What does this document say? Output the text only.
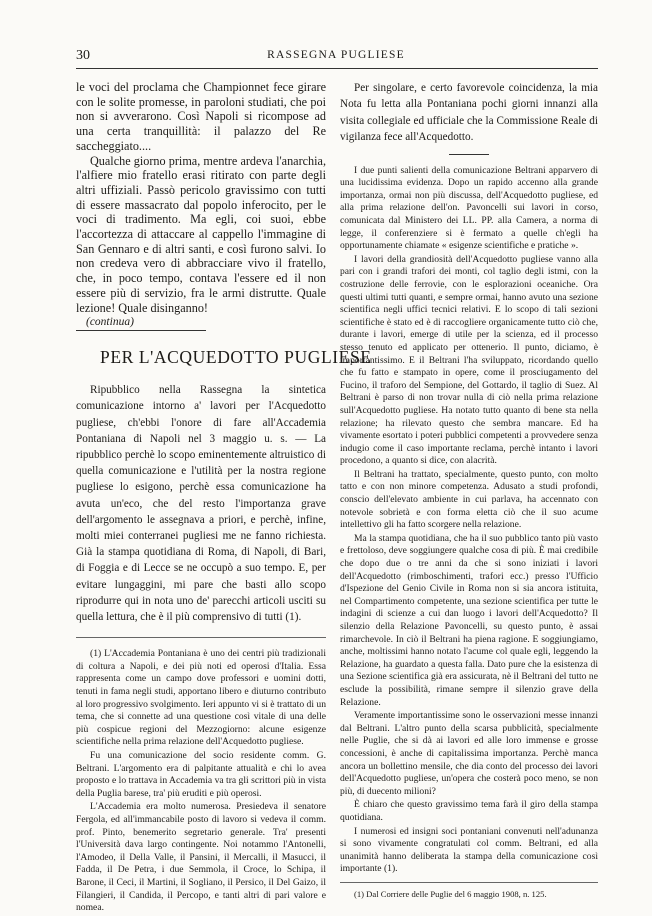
30	RASSEGNA PUGLIESE

le voci del proclama che Championnet fece girare con le solite promesse, in paroloni studiati, che poi non si avverarono. Così Napoli si ricompose ad una certa tranquillità: il palazzo del Re saccheggiato....

Qualche giorno prima, mentre ardeva l'anarchia, l'alfiere mio fratello erasi ritirato con parte degli altri uffiziali. Passò pericolo gravissimo con tutti di essere massacrato dal popolo inferocito, per le voci di tradimento. Ma egli, coi suoi, ebbe l'accortezza di attaccare al cappello l'immagine di San Gennaro e di altri santi, e così furono salvi. Io non credeva vero di abbracciare vivo il fratello, che, in poco tempo, contava l'essere ed il non essere più di servizio, fra le armi distrutte. Quale lezione! Quale disinganno!

(continua)

PER L'ACQUEDOTTO PUGLIESE

Ripubblico nella Rassegna la sintetica comunicazione intorno a' lavori per l'Acquedotto pugliese, ch'ebbi l'onore di fare all'Accademia Pontaniana di Napoli nel 3 maggio u. s. — La ripubblico perchè lo scopo eminentemente altruistico di quella comunicazione e l'utilità per la nostra regione pugliese lo esigono, perchè essa comunicazione ha avuta un'eco, che del resto l'importanza grave dell'argomento le assegnava a priori, e perchè, infine, molti miei conterranei pugliesi me ne fanno richiesta. Già la stampa quotidiana di Roma, di Napoli, di Bari, di Foggia e di Lecce se ne occupò a suo tempo. E, per evitare lungaggini, mi pare che basti allo scopo riprodurre qui in nota uno de' parecchi articoli usciti su quella lettura, che è il più comprensivo di tutti (1).

(1) L'Accademia Pontaniana è uno dei centri più tradizionali di coltura a Napoli, e dei più noti ed operosi d'Italia. Essa rappresenta come un campo dove professori e uomini dotti, tenuti in fama negli studi, apportano libero e diuturno contributo al loro progressivo svolgimento. Ieri appunto vi si è trattato di un tema, che si connette ad una questione così vitale di una delle più cospicue regioni del Mezzogiorno: alcune esigenze scientifiche nella prima relazione dell'Acquedotto pugliese.

Fu una comunicazione del socio residente comm. G. Beltrani. L'argomento era di palpitante attualità e chi lo avea proposto e lo trattava in Accademia va tra gli scrittori più in vista della Puglia barese, tra' più eruditi e più operosi.

L'Accademia era molto numerosa. Presiedeva il senatore Fergola, ed all'immancabile posto di lavoro si vedeva il comm. prof. Pinto, benemerito segretario generale. Tra' presenti l'Università dava largo contingente. Noi notammo l'Antonelli, l'Amodeo, il Della Valle, il Pansini, il Mercalli, il Masucci, il Fadda, il De Petra, i due Semmola, il Croce, lo Schipa, il Barone, il Ceci, il Martini, il Sogliano, il Persico, il Del Gaizo, il Filangieri, il Candida, il Percopo, e tanti altri di pari valore e nomea.

Per singolare, e certo favorevole coincidenza, la mia Nota fu letta alla Pontaniana pochi giorni innanzi alla visita collegiale ed ufficiale che la Commissione Reale di vigilanza fece all'Acquedotto.

I due punti salienti della comunicazione Beltrani apparvero di una lucidissima evidenza. Dopo un rapido accenno alla grande importanza, ormai non più discussa, dell'Acquedotto pugliese, ed alla prima relazione dell'on. Pavoncelli sui lavori in corso, comunicata dal Ministero dei LL. PP. alla Camera, a norma di legge, il conferenziere si è fermato a quelle ch'egli ha opportunamente chiamate « esigenze scientifiche e pratiche ».

I lavori della grandiosità dell'Acquedotto pugliese vanno alla pari con i grandi trafori dei monti, col taglio degli istmi, con la costruzione delle ferrovie, con le esplorazioni oceaniche. Ora questi ultimi tutti quanti, e sempre ormai, hanno avuto una sezione scientifica negli uffici tecnici relativi. E lo scopo di tali sezioni scientifiche è stato ed è di raccogliere organicamente tutto ciò che, durante i lavori, emerge di utile per la scienza, ed il processo stesso tenuto ed applicato per ottenerio. Il punto, diciamo, è importantissimo. E il Beltrani l'ha sviluppato, ricordando quello che fu fatto e stampato in opere, come il prosciugamento del Fucino, il traforo del Sempione, del Gottardo, il taglio di Suez. Al Beltrani è parso di non trovar nulla di ciò nella prima relazione sull'Acquedotto pugliese. Ha notato tutto quanto di bene sta nella relazione; ha rilevato questo che sembra mancare. Ed ha vivamente esortato i poteri pubblici competenti a provvedere senza indugio come il caso importante reclama, perchè intanto i lavori procedono, a quanto si dice, con alacrità.

Il Beltrani ha trattato, specialmente, questo punto, con molto tatto e con non minore competenza. Adusato a studi profondi, conscio dell'elevato ambiente in cui parlava, ha accennato con notevole sobrietà e con forma eletta ciò che il suo acume intellettivo gli ha fatto scorgere nella relazione.

Ma la stampa quotidiana, che ha il suo pubblico tanto più vasto e frettoloso, deve soggiungere qualche cosa di più. È mai credibile che dopo due o tre anni da che si sono iniziati i lavori dell'Acquedotto (rimboschimenti, trafori ecc.) presso l'Ufficio d'Ispezione del Genio Civile in Roma non si sia ancora istituita, nel Compartimento competente, una sezione scientifica per tutte le indagini di scienze a cui dan luogo i lavori dell'Acquedotto? Il silenzio della Relazione Pavoncelli, su questo punto, è assai rimarchevole. In ciò il Beltrani ha piena ragione. E soggiungiamo, anche, moltissimi hanno notato l'acume col quale egli, leggendo la Relazione, ha guardato a questa falla. Dato pure che la esistenza di una Sezione scientifica già era assicurata, nè il Beltrani del tutto ne esclude la possibilità, rimane sempre il silenzio grave della Relazione.

Veramente importantissime sono le osservazioni messe innanzi dal Beltrani. L'altro punto della scarsa pubblicità, specialmente nelle Puglie, che si dà ai lavori ed alle loro immense e grosse concessioni, è anche di capitalissima importanza. Perchè manca ancora un bollettino mensile, che dia conto del processo dei lavori dell'Acquedotto pugliese, un'opera che costerà poco meno, se non più, di duecento milioni?

È chiaro che questo gravissimo tema farà il giro della stampa quotidiana.

I numerosi ed insigni soci pontaniani convenuti nell'adunanza si sono vivamente congratulati col comm. Beltrani, ed alla unanimità hanno deliberata la stampa della comunicazione così importante (1).

(1) Dal Corriere delle Puglie del 6 maggio 1908, n. 125.
